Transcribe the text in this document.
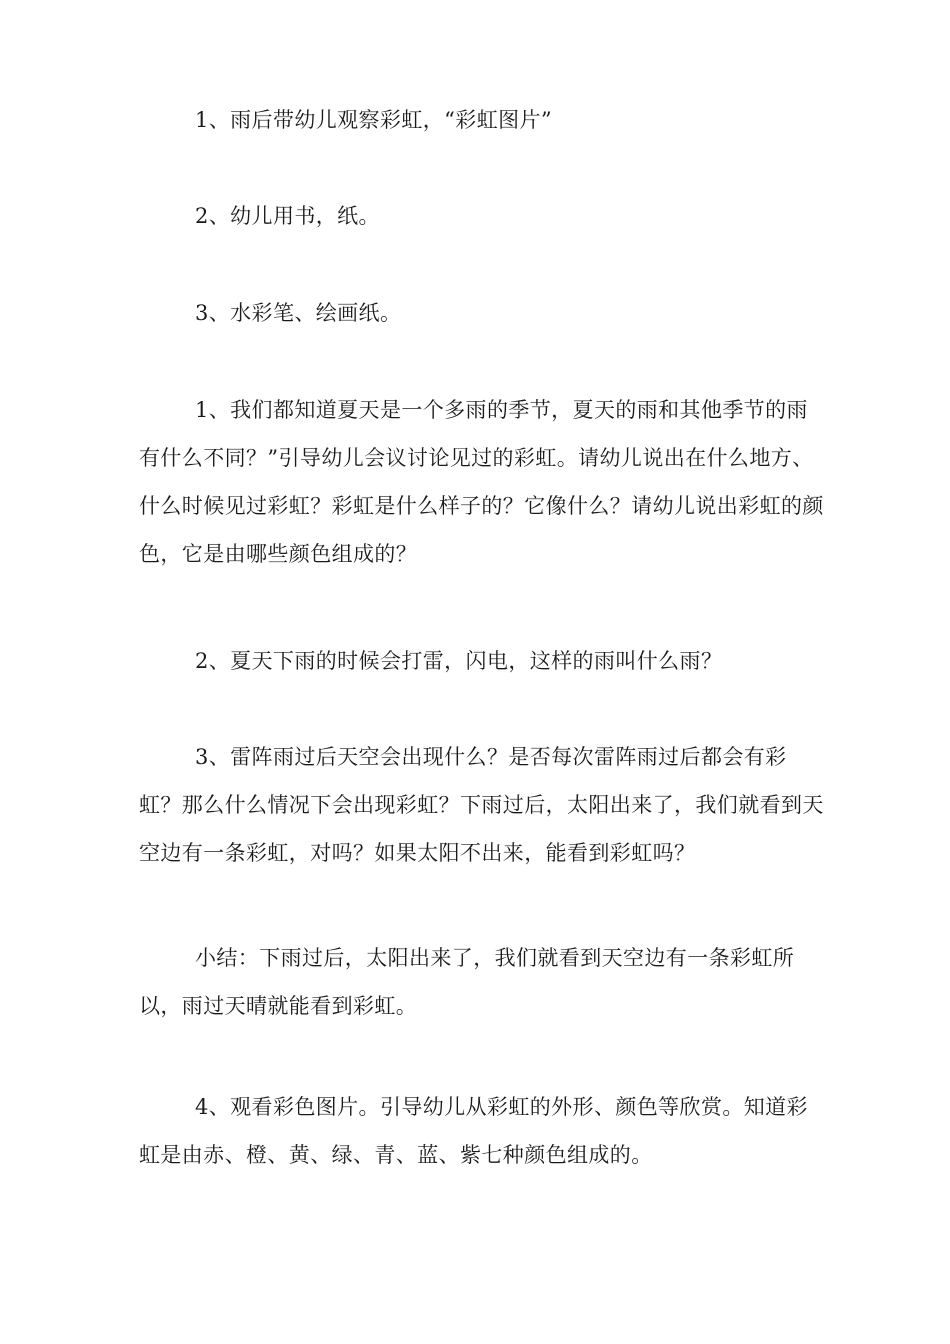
1、雨后带幼儿观察彩虹，“彩虹图片”

2、幼儿用书，纸。

3、水彩笔、绘画纸。

1、我们都知道夏天是一个多雨的季节，夏天的雨和其他季节的雨有什么不同？”引导幼儿会议讨论见过的彩虹。请幼儿说出在什么地方、什么时候见过彩虹？彩虹是什么样子的？它像什么？请幼儿说出彩虹的颜色，它是由哪些颜色组成的？

2、夏天下雨的时候会打雷，闪电，这样的雨叫什么雨？

3、雷阵雨过后天空会出现什么？是否每次雷阵雨过后都会有彩虹？那么什么情况下会出现彩虹？下雨过后，太阳出来了，我们就看到天空边有一条彩虹，对吗？如果太阳不出来，能看到彩虹吗？

小结：下雨过后，太阳出来了，我们就看到天空边有一条彩虹所以，雨过天晴就能看到彩虹。

4、观看彩色图片。引导幼儿从彩虹的外形、颜色等欣赏。知道彩虹是由赤、橙、黄、绿、青、蓝、紫七种颜色组成的。
